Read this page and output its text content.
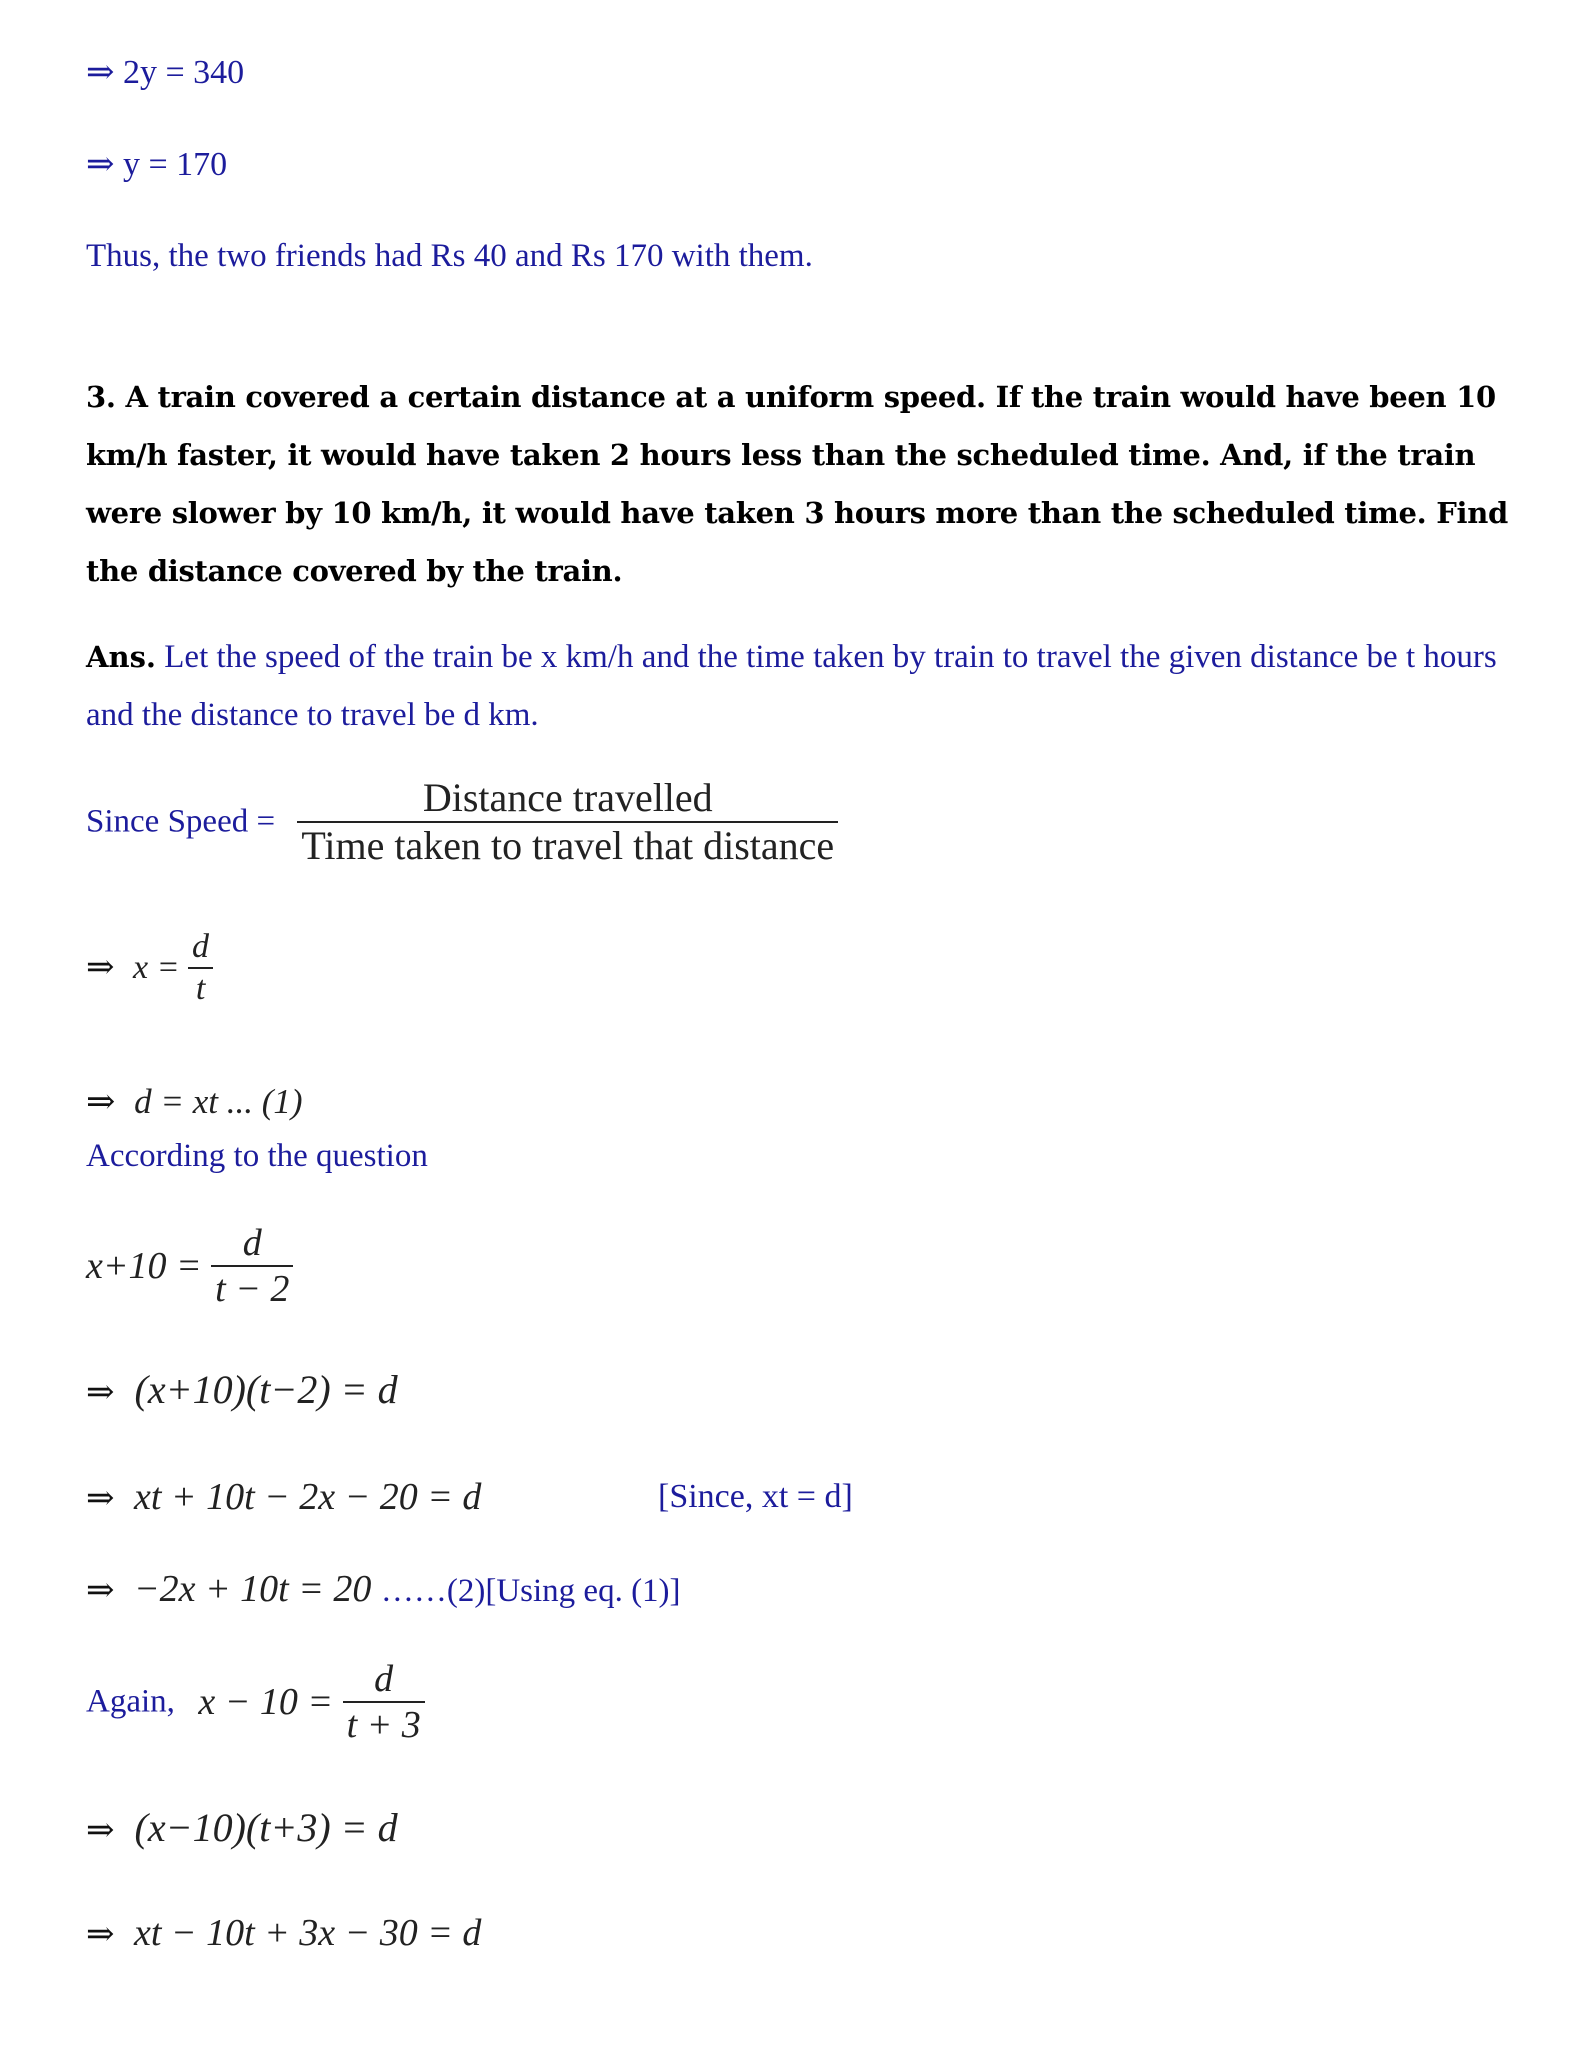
⇒ 2y = 340
⇒ y = 170
Thus, the two friends had Rs 40 and Rs 170 with them.
3. A train covered a certain distance at a uniform speed. If the train would have been 10 km/h faster, it would have taken 2 hours less than the scheduled time. And, if the train were slower by 10 km/h, it would have taken 3 hours more than the scheduled time. Find the distance covered by the train.
Ans. Let the speed of the train be x km/h and the time taken by train to travel the given distance be t hours and the distance to travel be d km.
Since Speed = $\frac{\text{Distance travelled}}{\text{Time taken to travel that distance}}$
⇒ $x = \frac{d}{t}$
⇒ d = xt ... (1)
According to the question
$x+10 = \frac{d}{t - 2}$
⇒ (x+10)(t−2) = d
⇒ xt + 10t − 2x − 20 = d	[Since, xt = d]
⇒ −2x + 10t = 20 ……(2)[Using eq. (1)]
Again, $x - 10 = \frac{d}{t + 3}$
⇒ (x−10)(t+3) = d
⇒ xt − 10t + 3x − 30 = d
